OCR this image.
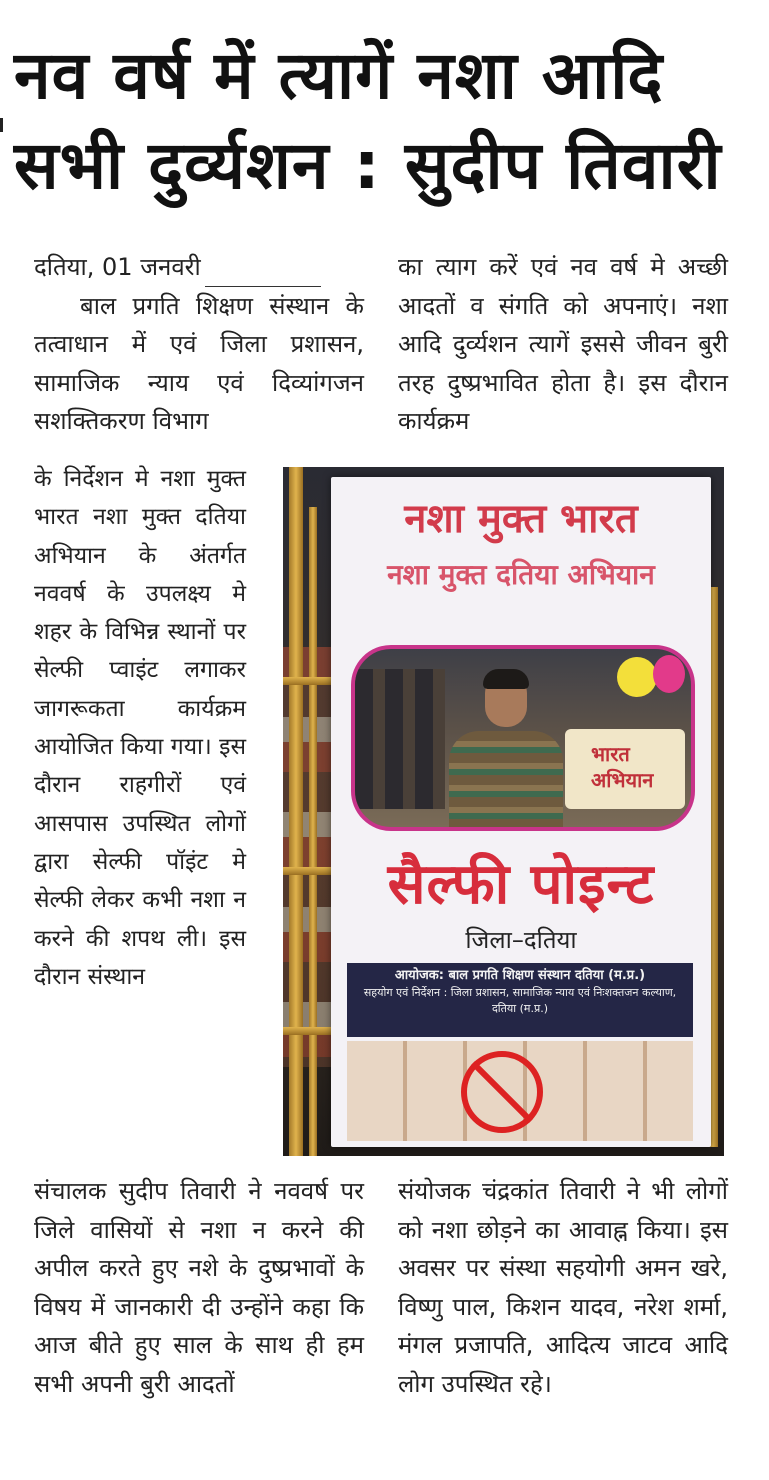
नव वर्ष में त्यागें नशा आदि
सभी दुर्व्यशन : सुदीप तिवारी

दतिया, 01 जनवरी

बाल प्रगति शिक्षण संस्थान के तत्वाधान में एवं जिला प्रशासन, सामाजिक न्याय एवं दिव्यांगजन सशक्तिकरण विभाग

का त्याग करें एवं नव वर्ष मे अच्छी आदतों व संगति को अपनाएं। नशा आदि दुर्व्यशन त्यागें इससे जीवन बुरी तरह दुष्प्रभावित होता है। इस दौरान कार्यक्रम

के निर्देशन मे नशा मुक्त भारत नशा मुक्त दतिया अभियान के अंतर्गत नववर्ष के उपलक्ष्य मे शहर के विभिन्न स्थानों पर सेल्फी प्वाइंट लगाकर जागरूकता कार्यक्रम आयोजित किया गया। इस दौरान राहगीरों एवं आसपास उपस्थित लोगों द्वारा सेल्फी पॉइंट मे सेल्फी लेकर कभी नशा न करने की शपथ ली। इस दौरान संस्थान

नशा मुक्त भारत
नशा मुक्त दतिया अभियान
भारत अभियान
सैल्फी पोइन्ट
जिला–दतिया
आयोजक: बाल प्रगति शिक्षण संस्थान दतिया (म.प्र.)
सहयोग एवं निर्देशन : जिला प्रशासन, सामाजिक न्याय एवं निःशक्तजन कल्याण, दतिया (म.प्र.)

संचालक सुदीप तिवारी ने नववर्ष पर जिले वासियों से नशा न करने की अपील करते हुए नशे के दुष्प्रभावों के विषय में जानकारी दी उन्होंने कहा कि आज बीते हुए साल के साथ ही हम सभी अपनी बुरी आदतों

संयोजक चंद्रकांत तिवारी ने भी लोगों को नशा छोड़ने का आवाह्न किया। इस अवसर पर संस्था सहयोगी अमन खरे, विष्णु पाल, किशन यादव, नरेश शर्मा, मंगल प्रजापति, आदित्य जाटव आदि लोग उपस्थित रहे।
